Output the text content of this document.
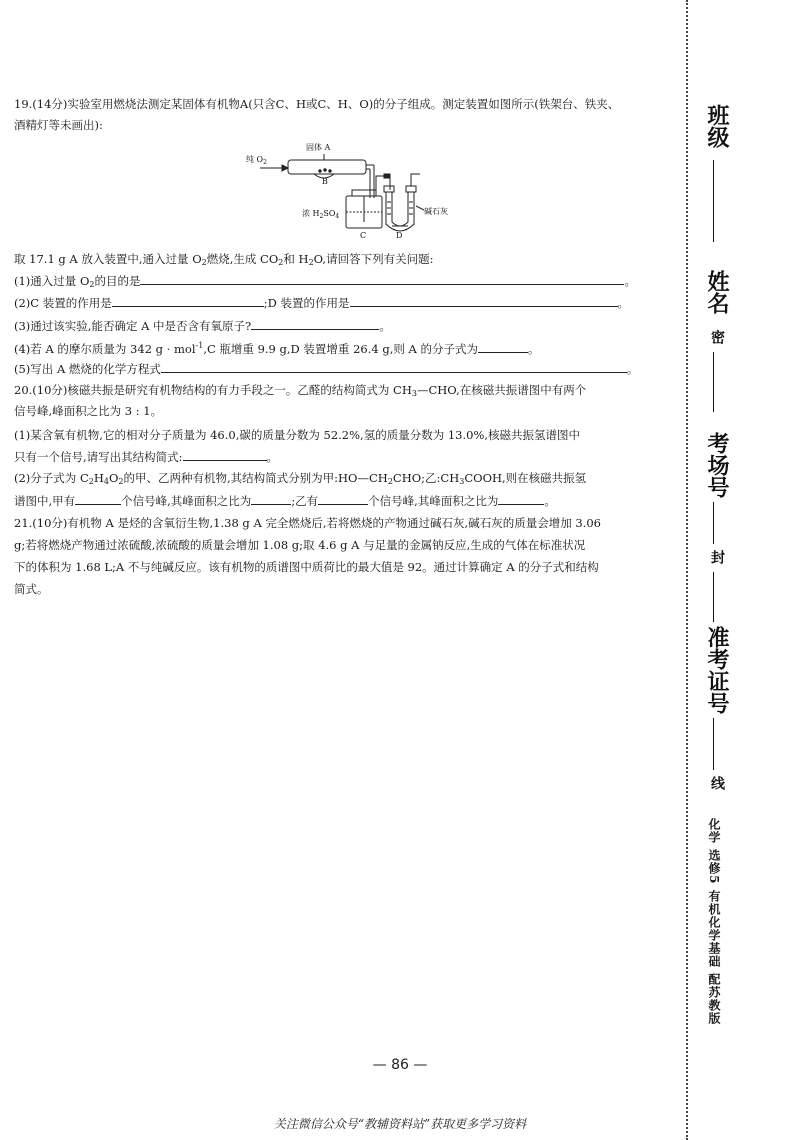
19.(14分)实验室用燃烧法测定某固体有机物A(只含C、H或C、H、O)的分子组成。测定装置如图所示(铁架台、铁夹、
酒精灯等未画出):
纯 $O_2$
固体 A
B
浓 $H_2SO_4$
C	D
碱石灰
取 17.1 g A 放入装置中,通入过量 $O_2$燃烧,生成 $CO_2$和 $H_2O$,请回答下列有关问题:
(1)通入过量 $O_2$的目的是	。
(2)C 装置的作用是	;D 装置的作用是	。
(3)通过该实验,能否确定 A 中是否含有氧原子?	。
(4)若 A 的摩尔质量为 342 g · mol$^{-1}$,C 瓶增重 9.9 g,D 装置增重 26.4 g,则 A 的分子式为	。
(5)写出 A 燃烧的化学方程式	。
20.(10分)核磁共振是研究有机物结构的有力手段之一。乙醛的结构简式为 $CH_3—CHO$,在核磁共振谱图中有两个
信号峰,峰面积之比为 3 : 1。
(1)某含氧有机物,它的相对分子质量为 46.0,碳的质量分数为 52.2%,氢的质量分数为 13.0%,核磁共振氢谱图中
只有一个信号,请写出其结构简式:	。
(2)分子式为 $C_2H_4O_2$的甲、乙两种有机物,其结构简式分别为甲$:HO—CH_2CHO$;乙$:CH_3COOH$,则在核磁共振氢
谱图中,甲有	个信号峰,其峰面积之比为	;乙有	个信号峰,其峰面积之比为	。
21.(10分)有机物 A 是烃的含氧衍生物,1.38 g A 完全燃烧后,若将燃烧的产物通过碱石灰,碱石灰的质量会增加 3.06
g;若将燃烧产物通过浓硫酸,浓硫酸的质量会增加 1.08 g;取 4.6 g A 与足量的金属钠反应,生成的气体在标准状况
下的体积为 1.68 L;A 不与纯碱反应。该有机物的质谱图中质荷比的最大值是 92。通过计算确定 A 的分子式和结构
简式。
班级
姓名
密
考场号
封
准考证号
线
化学 选修5 有机化学基础 配苏教版
— 86 —
关注微信公众号“教辅资料站”获取更多学习资料
